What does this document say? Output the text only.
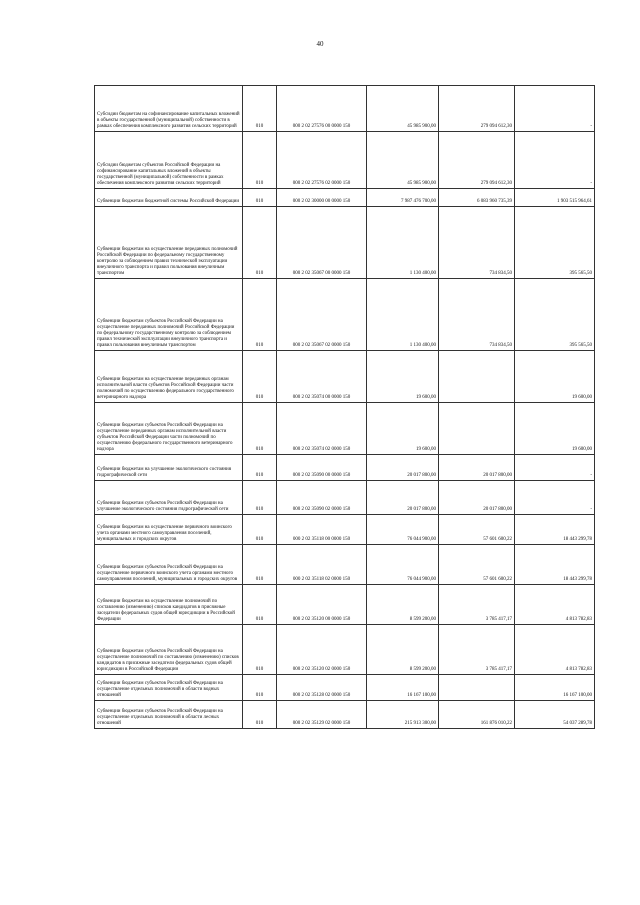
40
Субсидии бюджетам на софинансирование капитальных вложений в объекты государственной (муниципальной) собственности в рамках обеспечения комплексного развития сельских территорий	010	000 2 02 27576 00 0000 150	45 985 900,00	279 094 612,30	-
Субсидии бюджетам субъектов Российской Федерации на софинансирование капитальных вложений в объекты государственной (муниципальной) собственности в рамках обеспечения комплексного развития сельских территорий	010	000 2 02 27576 02 0000 150	45 985 900,00	279 094 612,30	-
Субвенции бюджетам бюджетной системы Российской Федерации	010	000 2 02 30000 00 0000 150	7 987 476 700,00	6 083 960 735,39	1 903 515 964,61
Субвенции бюджетам на осуществление переданных полномочий Российской Федерации по федеральному государственному контролю за соблюдением правил технической эксплуатации внеуличного транспорта и правил пользования внеуличным транспортом	010	000 2 02 35067 00 0000 150	1 130 400,00	734 834,50	395 565,50
Субвенции бюджетам субъектов Российской Федерации на осуществление переданных полномочий Российской Федерации по федеральному государственному контролю за соблюдением правил технической эксплуатации внеуличного транспорта и правил пользования внеуличным транспортом	010	000 2 02 35067 02 0000 150	1 130 400,00	734 834,50	395 565,50
Субвенции бюджетам на осуществление переданных органам исполнительной власти субъектов Российской Федерации части полномочий по осуществлению федерального государственного ветеринарного надзора	010	000 2 02 35074 00 0000 150	19 600,00		19 600,00
Субвенции бюджетам субъектов Российской Федерации на осуществление переданных органам исполнительной власти субъектов Российской Федерации части полномочий по осуществлению федерального государственного ветеринарного надзора	010	000 2 02 35074 02 0000 150	19 600,00		19 600,00
Субвенции бюджетам на улучшение экологического состояния гидрографической сети	010	000 2 02 35090 00 0000 150	20 017 800,00	20 017 800,00	-
Субвенции бюджетам субъектов Российской Федерации на улучшение экологического состояния гидрографической сети	010	000 2 02 35090 02 0000 150	20 017 800,00	20 017 800,00	-
Субвенции бюджетам на осуществление первичного воинского учета органами местного самоуправления поселений, муниципальных и городских округов	010	000 2 02 35118 00 0000 150	76 044 900,00	57 601 600,22	18 443 299,78
Субвенции бюджетам субъектов Российской Федерации на осуществление первичного воинского учета органами местного самоуправления поселений, муниципальных и городских округов	010	000 2 02 35118 02 0000 150	76 044 900,00	57 601 600,22	18 443 299,78
Субвенции бюджетам на осуществление полномочий по составлению (изменению) списков кандидатов в присяжные заседатели федеральных судов общей юрисдикции в Российской Федерации	010	000 2 02 35120 00 0000 150	8 599 200,00	3 785 417,17	4 813 782,83
Субвенции бюджетам субъектов Российской Федерации на осуществление полномочий по составлению (изменению) списков кандидатов в присяжные заседатели федеральных судов общей юрисдикции в Российской Федерации	010	000 2 02 35120 02 0000 150	8 599 200,00	3 785 417,17	4 813 782,83
Субвенции бюджетам субъектов Российской Федерации на осуществление отдельных полномочий в области водных отношений	010	000 2 02 35128 02 0000 150	16 167 100,00		16 167 100,00
Субвенции бюджетам субъектов Российской Федерации на осуществление отдельных полномочий в области лесных отношений	010	000 2 02 35129 02 0000 150	215 913 300,00	161 876 010,22	54 037 289,78
